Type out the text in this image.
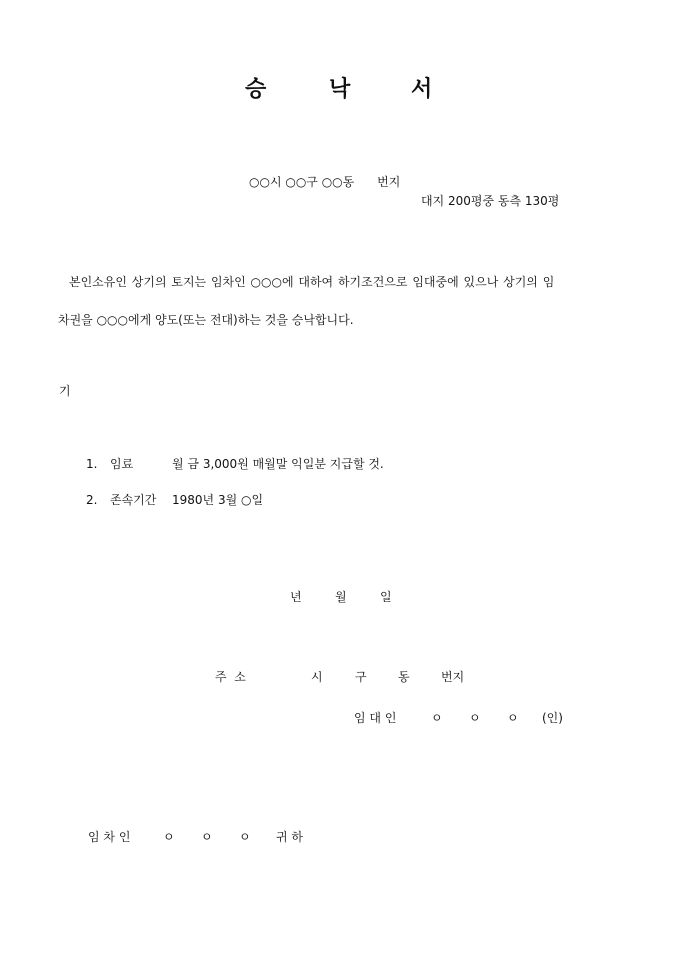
승	낙	서
○○시 ○○구 ○○동      번지
대지 200평중 동측 130평
본인소유인 상기의 토지는 임차인 ○○○에 대하여 하기조건으로 임대중에 있으나 상기의 임
차권을 ○○○에게 양도(또는 전대)하는 것을 승낙합니다.
기
1. 임료	월 금 3,000원 매월말 익일분 지급할 것.
2. 존속기간 1980년 3월 ○일
년	월	일
주  소	시	구	동	번지
임 대 인	ㅇ ㅇ ㅇ (인)
임 차 인	ㅇ ㅇ ㅇ 귀 하
